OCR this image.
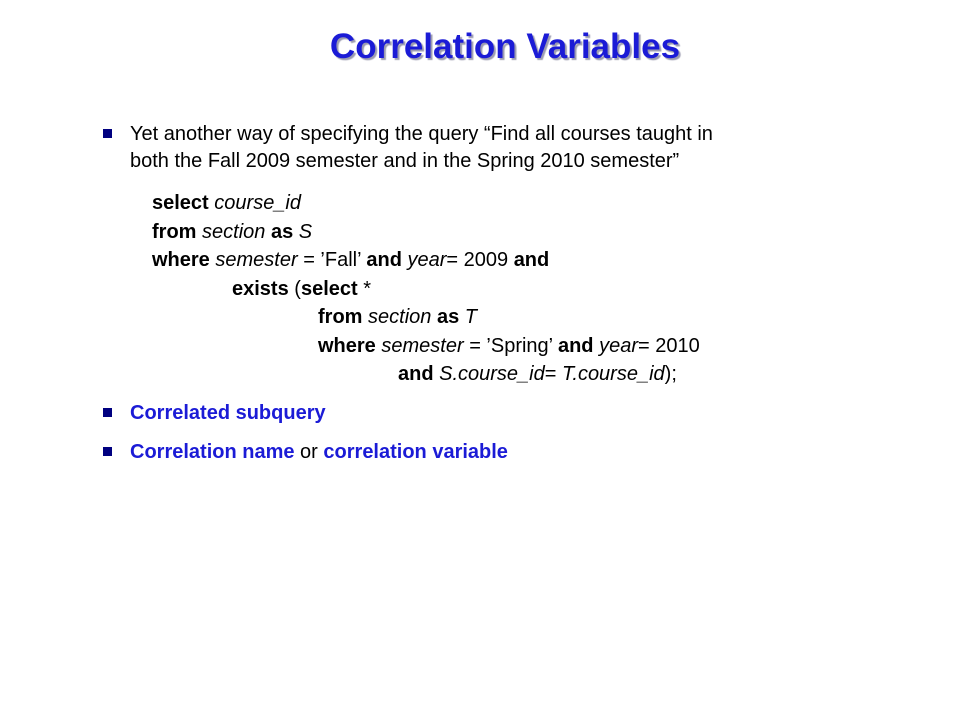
Correlation Variables
Yet another way of specifying the query “Find all courses taught in
both the Fall 2009 semester and in the Spring 2010 semester”
select course_id
from section as S
where semester = ’Fall’ and year= 2009 and
exists (select *
from section as T
where semester = ’Spring’ and year= 2010
and S.course_id= T.course_id);
Correlated subquery
Correlation name or correlation variable
